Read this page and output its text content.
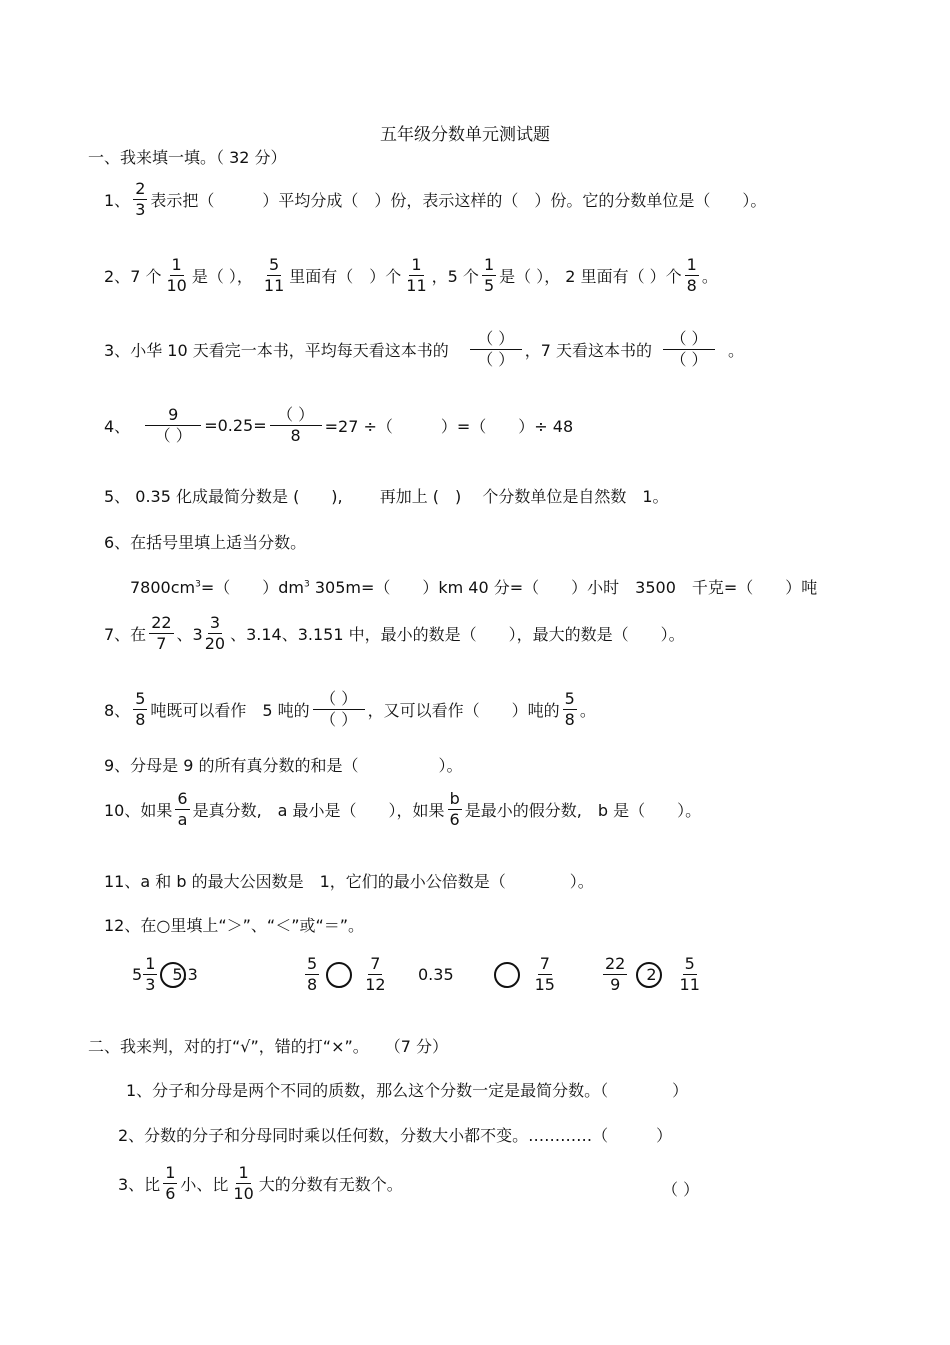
五年级分数单元测试题
一、我来填一填。（ 32 分）
1、 $\frac{2}{3}$ 表示把（　　　）平均分成（　）份，表示这样的（　）份。它的分数单位是（　　）。
2、 7 个 $\frac{1}{10}$ 是（ ）， $\frac{5}{11}$ 里面有（　）个 $\frac{1}{11}$ ，5 个 $\frac{1}{5}$ 是（ ）， 2 里面有（ ）个 $\frac{1}{8}$ 。
3、 小华 10 天看完一本书，平均每天看这本书的 $\frac{( )}{( )}$ ，7 天看这本书的 $\frac{( )}{( )}$ 。
4、 $\frac{9}{( )} =0.25= \frac{( )}{8} =27$ ÷（　　　）=（　　）÷ 48
5、 0.35 化成最简分数是 (　　),　　 再加上 (　)　 个分数单位是自然数　1。
6、在括号里填上适当分数。
$7800cm^3=$（　　）$dm^3$ 305m=（　　）km 40 分=（　　）小时　3500　千克=（　　）吨
7、在 $\frac{22}{7}$ 、$3 \frac{3}{20}$ 、3.14、3.151 中，最小的数是（　　），最大的数是（　　）。
8、 $\frac{5}{8}$ 吨既可以看作　5 吨的 $\frac{( )}{( )}$ ，又可以看作（　　）吨的 $\frac{5}{8}$ 。
9、分母是 9 的所有真分数的和是（　　　　　）。
10、如果 $\frac{6}{a}$ 是真分数,　a 最小是（　　），如果 $\frac{b}{6}$ 是最小的假分数,　b 是（　　）。
11、a 和 b 的最大公因数是　1，它们的最小公倍数是（　　　　）。
12、在○里填上“＞”、“＜”或“＝”。
$5 \frac{1}{3} 5.3$	$\frac{5}{8}$	$\frac{7}{12} 0.35$	$\frac{7}{15}$	$\frac{22}{9} 2 \frac{5}{11}$
二、我来判，对的打“√”，错的打“×”。　　（7 分）
1、分子和分母是两个不同的质数，那么这个分数一定是最简分数。（　　　　）
2、分数的分子和分母同时乘以任何数，分数大小都不变。…………（　　　）
3、比 $\frac{1}{6}$ 小、比 $\frac{1}{10}$ 大的分数有无数个。	（ ）
